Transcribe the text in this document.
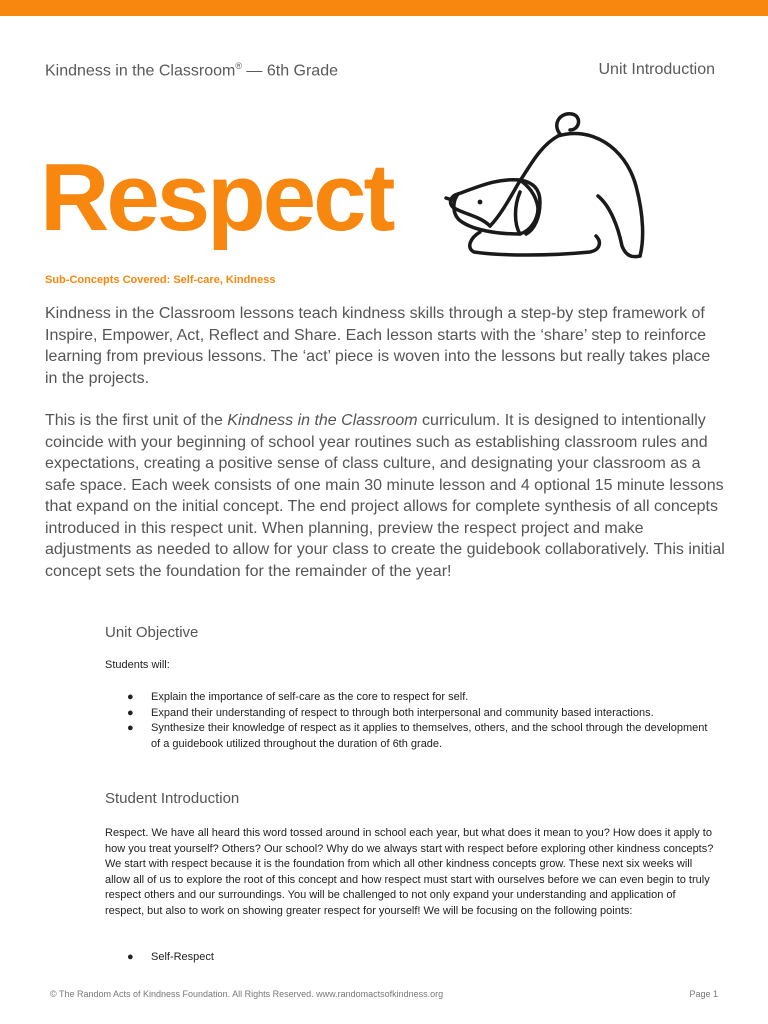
Kindness in the Classroom® — 6th Grade	Unit Introduction
Respect
Sub-Concepts Covered: Self-care, Kindness

Kindness in the Classroom lessons teach kindness skills through a step-by step framework of Inspire, Empower, Act, Reflect and Share. Each lesson starts with the ‘share’ step to reinforce learning from previous lessons. The ‘act’ piece is woven into the lessons but really takes place in the projects.

This is the first unit of the Kindness in the Classroom curriculum. It is designed to intentionally coincide with your beginning of school year routines such as establishing classroom rules and expectations, creating a positive sense of class culture, and designating your classroom as a safe space. Each week consists of one main 30 minute lesson and 4 optional 15 minute lessons that expand on the initial concept. The end project allows for complete synthesis of all concepts introduced in this respect unit. When planning, preview the respect project and make adjustments as needed to allow for your class to create the guidebook collaboratively. This initial concept sets the foundation for the remainder of the year!

Unit Objective

Students will:

● Explain the importance of self-care as the core to respect for self.
● Expand their understanding of respect to through both interpersonal and community based interactions.
● Synthesize their knowledge of respect as it applies to themselves, others, and the school through the development of a guidebook utilized throughout the duration of 6th grade.
Student Introduction

Respect. We have all heard this word tossed around in school each year, but what does it mean to you? How does it apply to how you treat yourself? Others? Our school? Why do we always start with respect before exploring other kindness concepts? We start with respect because it is the foundation from which all other kindness concepts grow. These next six weeks will allow all of us to explore the root of this concept and how respect must start with ourselves before we can even begin to truly respect others and our surroundings. You will be challenged to not only expand your understanding and application of respect, but also to work on showing greater respect for yourself! We will be focusing on the following points:

● Self-Respect
© The Random Acts of Kindness Foundation. All Rights Reserved. www.randomactsofkindness.org	Page 1
